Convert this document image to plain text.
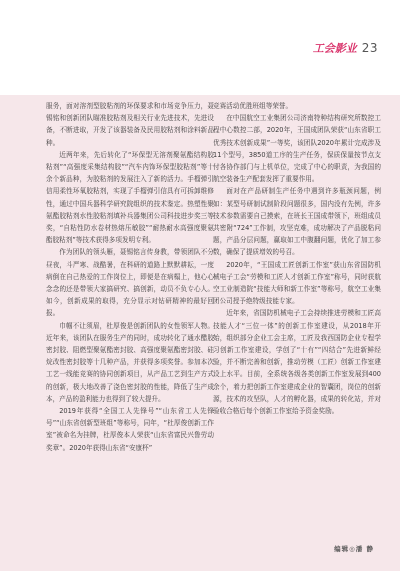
工会影业 23

服务，面对溶剂型胶粘剂的环保要求和市场竞争压力，聂锡铭和创新团队瞄准胶粘剂及相关行业先进技术，先进设备，不断进取，开发了该器装备及民用胶粘剂和涂料新品种。

近两年来，先后转化了“环保型无溶剂聚氨酯结构胶粘剂”“高强度采集结构胶”“汽车内饰环保型胶粘剂”等十余个新品种，为胶粘剂的发展注入了新的活力。手榴弹引信用柔性环氧胶粘剂，实现了手榴弹引信具有可拆卸维修性，通过中国兵器科学研究院组织的技术鉴定。热塑性聚氨酯胶粘剂水性胶粘剂填补兵器集团公司科技进步奖三等奖，“自粘性防水卷材热熔压敏胶”“耐热耐水高强度聚氨酯胶粘剂”等技术获得多项发明专利。

作为团队的领头雁，聂锡铭言传身教，带领团队不分昼夜，斗严寒、战酷暑，在科研的道路上默默耕耘，一度病倒在自己热爱的工作岗位上，即便是在病榻上，他心心念念的还是带领大家搞研究、搞创新，动员不负专心人。如今，创新成果的取得，充分显示对钻研精神的最好回报。

巾帼不让须眉，杜厚俊是创新团队的女性领军人物。近年来，该团队在服务生产的同时，成功转化了通水醋胶密封胶、阻燃型聚氨酯密封胶、高强度聚氨酯密封胶、硅烷改性密封胶等十几种产品，并获得多项奖誉。参加本次工艺一线能竞赛的协同创新项目，从产品工艺到生产方式的创新，极大地改善了浇色密封胶的性能，降低了生产成本，产品的盈利能力也得到了较大提升。

2019年获得“全国工人先锋号”“山东省工人先锋号”“山东省创新型班组”等称号，同年，“杜厚俊创新工作室”被命名为挂牌，杜厚俊本人荣获“山东省富民兴鲁劳动奖章”。2020年获得山东省“安康杯”

竞赛活动优胜班组等荣誉。

在中国航空工业集团公司济南特种结构研究所数控工程中心数控二部，2020年，王国成团队荣获“山东省职工优秀技术创新成果”一等奖，该团队2020年累计完成涉及11个型号，3850道工序的生产任务，保质保量按节点支付各协作部门与上机单位，完成了中心的职责，为我国的航空装备生产配套发挥了重要作用。

面对在产品研制生产任务中遇到许多瓶颈问题，例如：某型号研制试制阶段问题很多，国内没有先例，许多技术参数需要自己摸索，在班长王国成带领下，班组成员共密附“724”工作制，攻坚克难，成功解决了产品脱粘问题，产品分层问题，赢取如工中腹翻问题，优化了加工参数，确保了提质增效的号召。

2020年，“王国成工匠创新工作室”获山东省国防机械电子工会“劳模和工匠人才创新工作室”称号，同时获航空工业制造院“技能大师和新工作室”等称号，航空工业集团公司授予绝特级技能专家。

近年来，省国防机械电子工会持续推进劳模和工匠高技能人才“三位一体”的创新工作室建设，从2018年开始，组织部分企业工会主席，工匠及我西国防企业专程学习创新工作室建设，学创了“十有”“四结合”先进新鲜经验，并不断完善和创新，推动劳模（工匠）创新工作室建设上水平。目前，全系统各级各类创新工作室发展到400余个，着力把创新工作室建成企业的智囊团，岗位的创新源，技术的攻坚队，人才的孵化器，成果的转化站，并对验收合格后每个创新工作室给予资金奖励。

编辑◎潘 静
